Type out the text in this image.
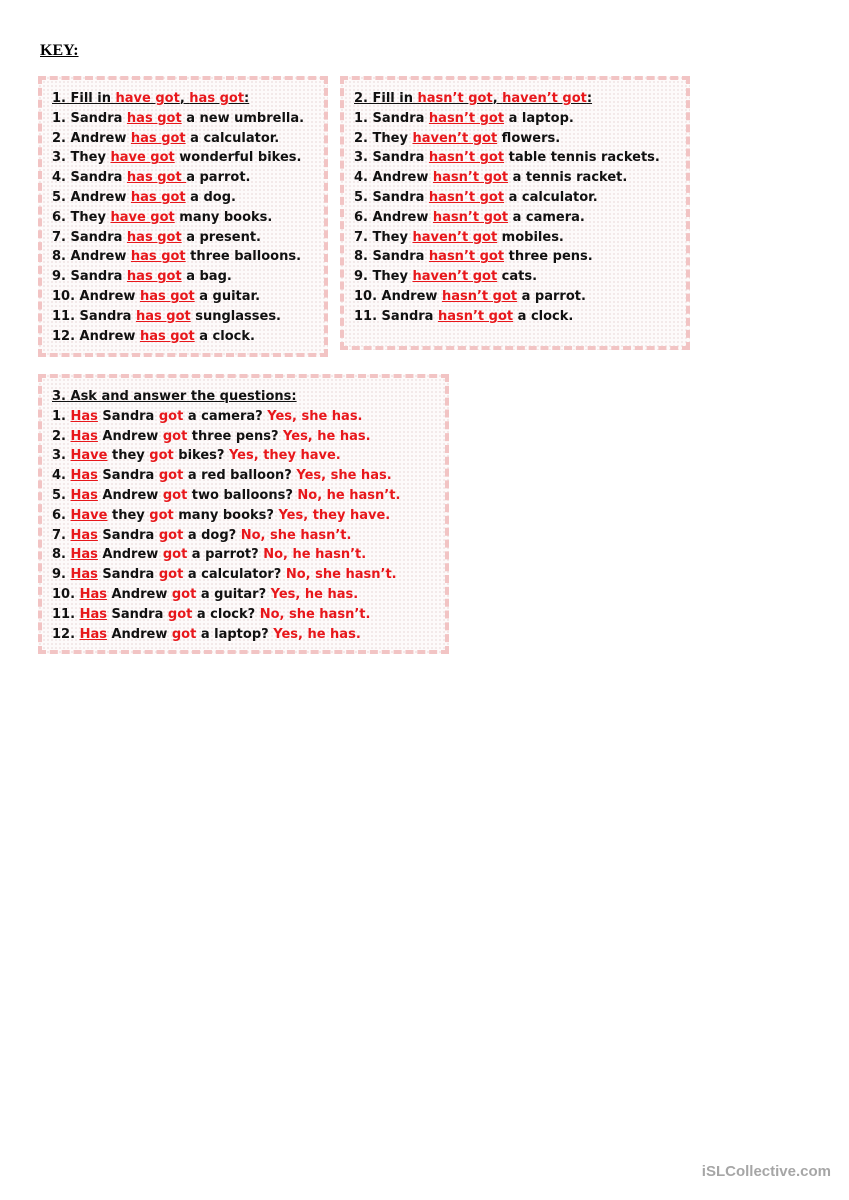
KEY:
1. Fill in have got, has got:
1. Sandra has got a new umbrella.
2. Andrew has got a calculator.
3. They have got wonderful bikes.
4. Sandra has got a parrot.
5. Andrew has got a dog.
6. They have got many books.
7. Sandra has got a present.
8. Andrew has got three balloons.
9. Sandra has got a bag.
10. Andrew has got a guitar.
11. Sandra has got sunglasses.
12. Andrew has got a clock.
2. Fill in hasn’t got, haven’t got:
1. Sandra hasn’t got a laptop.
2. They haven’t got flowers.
3. Sandra hasn’t got table tennis rackets.
4. Andrew hasn’t got a tennis racket.
5. Sandra hasn’t got a calculator.
6. Andrew hasn’t got a camera.
7. They haven’t got mobiles.
8. Sandra hasn’t got three pens.
9. They haven’t got cats.
10. Andrew hasn’t got a parrot.
11. Sandra hasn’t got a clock.
3. Ask and answer the questions:
1. Has Sandra got a camera? Yes, she has.
2. Has Andrew got three pens? Yes, he has.
3. Have they got bikes? Yes, they have.
4. Has Sandra got a red balloon? Yes, she has.
5. Has Andrew got two balloons? No, he hasn’t.
6. Have they got many books? Yes, they have.
7. Has Sandra got a dog? No, she hasn’t.
8. Has Andrew got a parrot? No, he hasn’t.
9. Has Sandra got a calculator? No, she hasn’t.
10. Has Andrew got a guitar? Yes, he has.
11. Has Sandra got a clock? No, she hasn’t.
12. Has Andrew got a laptop? Yes, he has.
iSLCollective.com
